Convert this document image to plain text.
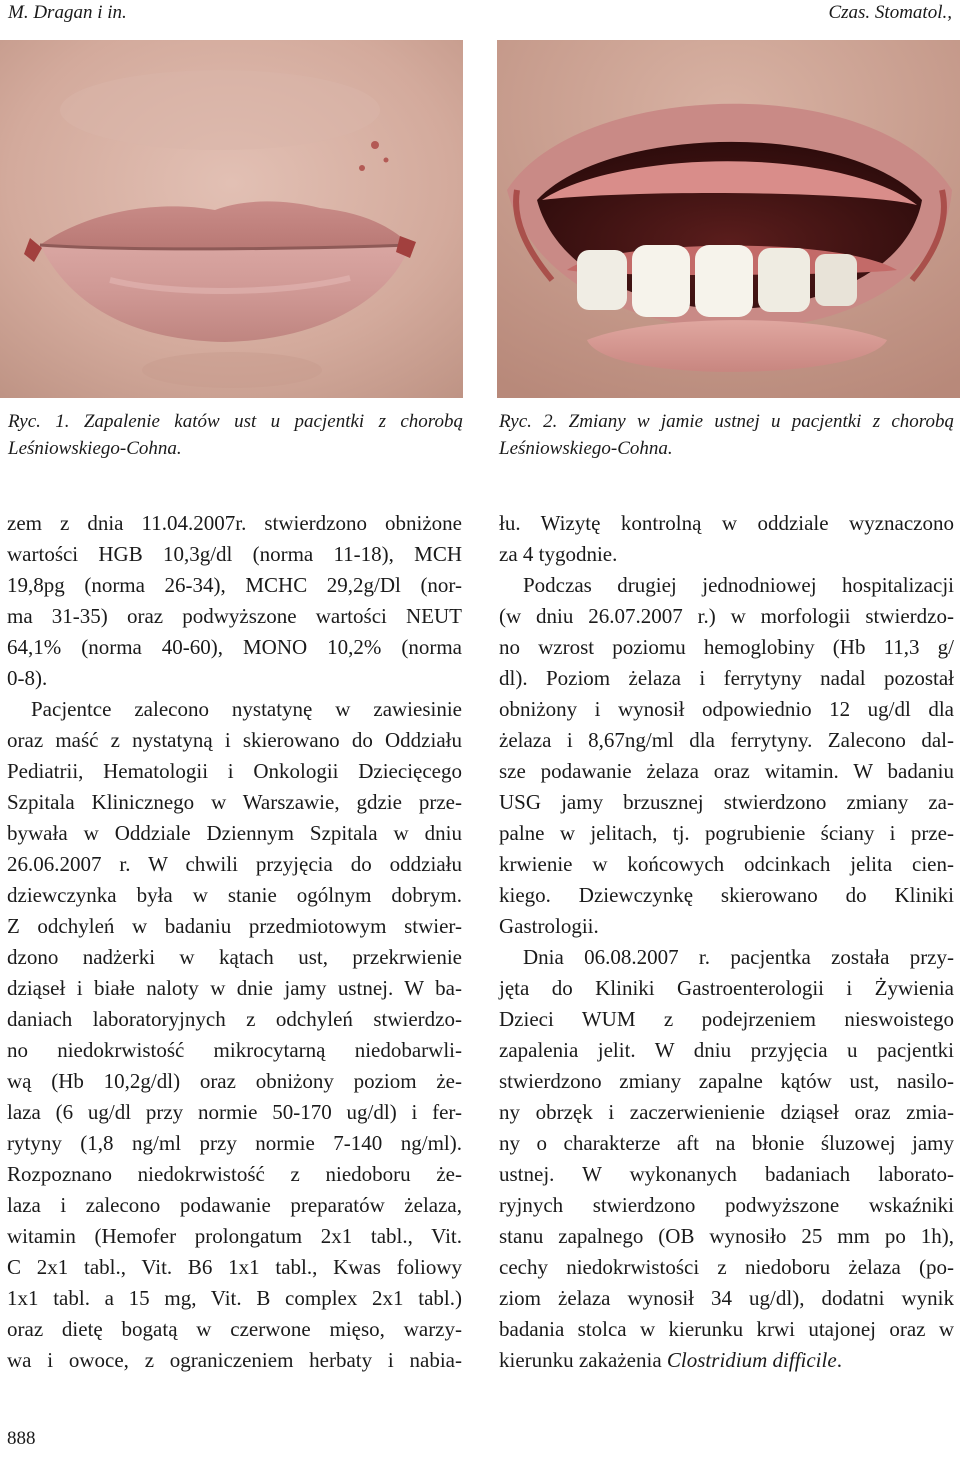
M. Dragan i in.	Czas. Stomatol.,
Ryc. 1. Zapalenie katów ust u pacjentki z chorobą
Leśniowskiego-Cohna.
Ryc. 2. Zmiany w jamie ustnej u pacjentki z chorobą
Leśniowskiego-Cohna.
zem z dnia 11.04.2007r. stwierdzono obniżone
wartości HGB 10,3g/dl (norma 11-18), MCH
19,8pg (norma 26-34), MCHC 29,2g/Dl (nor-
ma 31-35) oraz podwyższone wartości NEUT
64,1% (norma 40-60), MONO 10,2% (norma
0-8).
Pacjentce zalecono nystatynę w zawiesinie
oraz maść z nystatyną i skierowano do Oddziału
Pediatrii, Hematologii i Onkologii Dziecięcego
Szpitala Klinicznego w Warszawie, gdzie prze-
bywała w Oddziale Dziennym Szpitala w dniu
26.06.2007 r. W chwili przyjęcia do oddziału
dziewczynka była w stanie ogólnym dobrym.
Z odchyleń w badaniu przedmiotowym stwier-
dzono nadżerki w kątach ust, przekrwienie
dziąseł i białe naloty w dnie jamy ustnej. W ba-
daniach laboratoryjnych z odchyleń stwierdzo-
no niedokrwistość mikrocytarną niedobarwli-
wą (Hb 10,2g/dl) oraz obniżony poziom że-
laza (6 ug/dl przy normie 50-170 ug/dl) i fer-
rytyny (1,8 ng/ml przy normie 7-140 ng/ml).
Rozpoznano niedokrwistość z niedoboru że-
laza i zalecono podawanie preparatów żelaza,
witamin (Hemofer prolongatum 2x1 tabl., Vit.
C 2x1 tabl., Vit. B6 1x1 tabl., Kwas foliowy
1x1 tabl. a 15 mg, Vit. B complex 2x1 tabl.)
oraz dietę bogatą w czerwone mięso, warzy-
wa i owoce, z ograniczeniem herbaty i nabia-
łu. Wizytę kontrolną w oddziale wyznaczono
za 4 tygodnie.
Podczas drugiej jednodniowej hospitalizacji
(w dniu 26.07.2007 r.) w morfologii stwierdzo-
no wzrost poziomu hemoglobiny (Hb 11,3 g/
dl). Poziom żelaza i ferrytyny nadal pozostał
obniżony i wynosił odpowiednio 12 ug/dl dla
żelaza i 8,67ng/ml dla ferrytyny. Zalecono dal-
sze podawanie żelaza oraz witamin. W badaniu
USG jamy brzusznej stwierdzono zmiany za-
palne w jelitach, tj. pogrubienie ściany i prze-
krwienie w końcowych odcinkach jelita cien-
kiego. Dziewczynkę skierowano do Kliniki
Gastrologii.
Dnia 06.08.2007 r. pacjentka została przy-
jęta do Kliniki Gastroenterologii i Żywienia
Dzieci WUM z podejrzeniem nieswoistego
zapalenia jelit. W dniu przyjęcia u pacjentki
stwierdzono zmiany zapalne kątów ust, nasilo-
ny obrzęk i zaczerwienienie dziąseł oraz zmia-
ny o charakterze aft na błonie śluzowej jamy
ustnej. W wykonanych badaniach laborato-
ryjnych stwierdzono podwyższone wskaźniki
stanu zapalnego (OB wynosiło 25 mm po 1h),
cechy niedokrwistości z niedoboru żelaza (po-
ziom żelaza wynosił 34 ug/dl), dodatni wynik
badania stolca w kierunku krwi utajonej oraz w
kierunku zakażenia Clostridium difficile.
888
